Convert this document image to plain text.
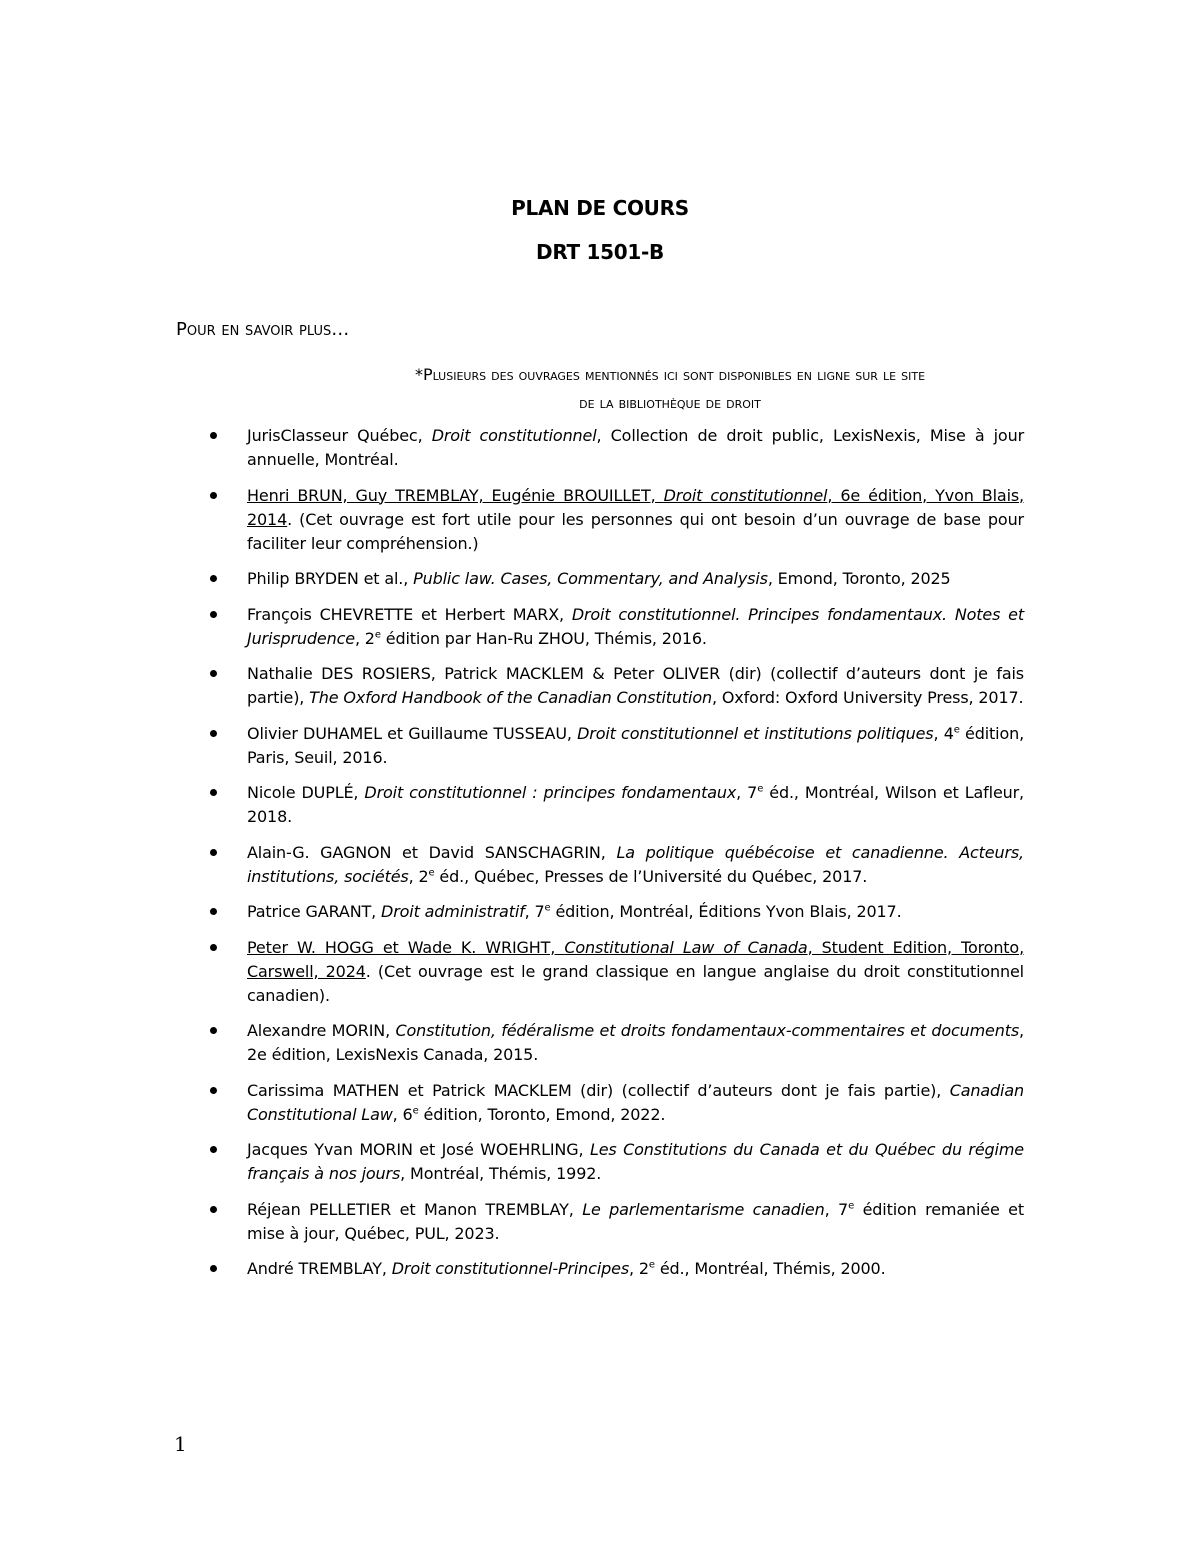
PLAN DE COURS
DRT 1501-B
Pour en savoir plus…
*Plusieurs des ouvrages mentionnés ici sont disponibles en ligne sur le site
de la bibliothèque de droit
JurisClasseur Québec, Droit constitutionnel, Collection de droit public, LexisNexis, Mise à jour annuelle, Montréal.
Henri BRUN, Guy TREMBLAY, Eugénie BROUILLET, Droit constitutionnel, 6e édition, Yvon Blais, 2014. (Cet ouvrage est fort utile pour les personnes qui ont besoin d’un ouvrage de base pour faciliter leur compréhension.)
Philip BRYDEN et al., Public law. Cases, Commentary, and Analysis, Emond, Toronto, 2025
François CHEVRETTE et Herbert MARX, Droit constitutionnel. Principes fondamentaux. Notes et Jurisprudence, 2e édition par Han-Ru ZHOU, Thémis, 2016.
Nathalie DES ROSIERS, Patrick MACKLEM & Peter OLIVER (dir) (collectif d’auteurs dont je fais partie), The Oxford Handbook of the Canadian Constitution, Oxford: Oxford University Press, 2017.
Olivier DUHAMEL et Guillaume TUSSEAU, Droit constitutionnel et institutions politiques, 4e édition, Paris, Seuil, 2016.
Nicole DUPLÉ, Droit constitutionnel : principes fondamentaux, 7e éd., Montréal, Wilson et Lafleur, 2018.
Alain-G. GAGNON et David SANSCHAGRIN, La politique québécoise et canadienne. Acteurs, institutions, sociétés, 2e éd., Québec, Presses de l’Université du Québec, 2017.
Patrice GARANT, Droit administratif, 7e édition, Montréal, Éditions Yvon Blais, 2017.
Peter W. HOGG et Wade K. WRIGHT, Constitutional Law of Canada, Student Edition, Toronto, Carswell, 2024. (Cet ouvrage est le grand classique en langue anglaise du droit constitutionnel canadien).
Alexandre MORIN, Constitution, fédéralisme et droits fondamentaux-commentaires et documents, 2e édition, LexisNexis Canada, 2015.
Carissima MATHEN et Patrick MACKLEM (dir) (collectif d’auteurs dont je fais partie), Canadian Constitutional Law, 6e édition, Toronto, Emond, 2022.
Jacques Yvan MORIN et José WOEHRLING, Les Constitutions du Canada et du Québec du régime français à nos jours, Montréal, Thémis, 1992.
Réjean PELLETIER et Manon TREMBLAY, Le parlementarisme canadien, 7e édition remaniée et mise à jour, Québec, PUL, 2023.
André TREMBLAY, Droit constitutionnel-Principes, 2e éd., Montréal, Thémis, 2000.
1
